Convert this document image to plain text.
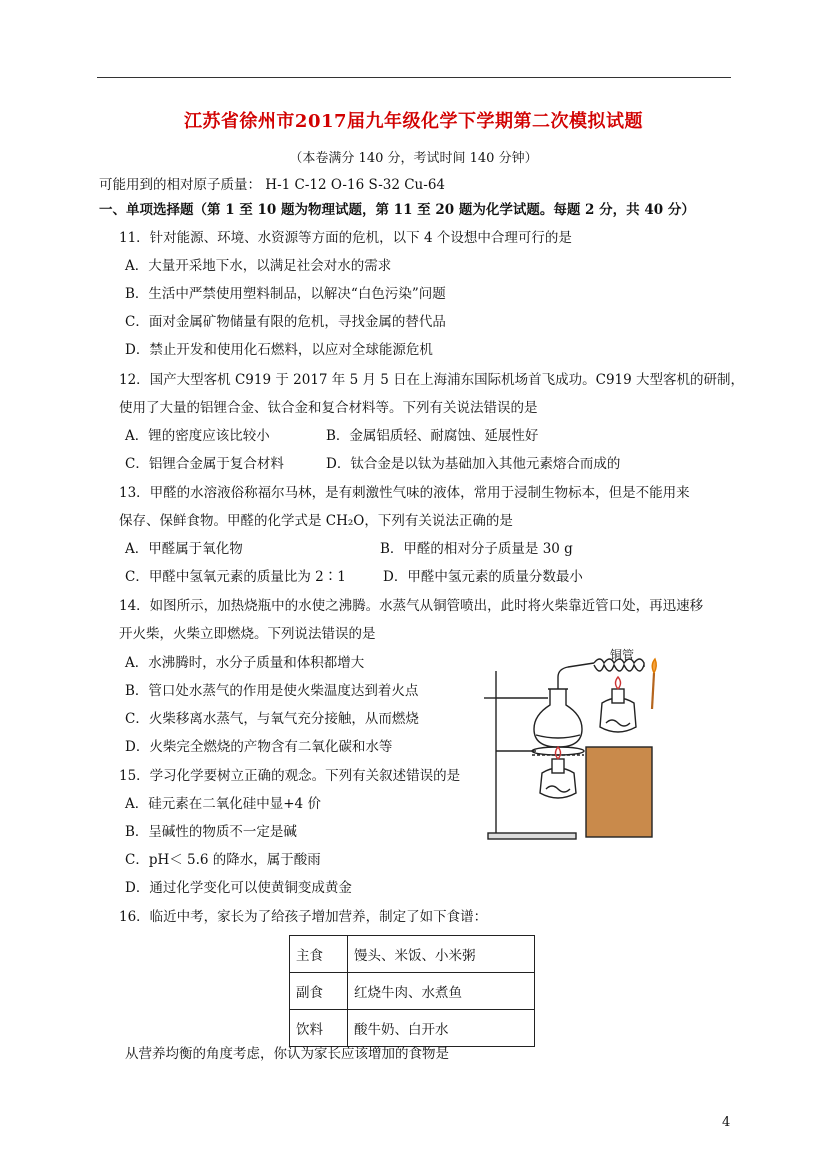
江苏省徐州市2017届九年级化学下学期第二次模拟试题
（本卷满分 140 分，考试时间 140 分钟）
可能用到的相对原子质量： H-1 C-12 O-16 S-32 Cu-64
一、单项选择题（第 1 至 10 题为物理试题，第 11 至 20 题为化学试题。每题 2 分，共 40 分）
11．针对能源、环境、水资源等方面的危机，以下 4 个设想中合理可行的是
A．大量开采地下水，以满足社会对水的需求
B．生活中严禁使用塑料制品，以解决“白色污染”问题
C．面对金属矿物储量有限的危机，寻找金属的替代品
D．禁止开发和使用化石燃料，以应对全球能源危机
12．国产大型客机 C919 于 2017 年 5 月 5 日在上海浦东国际机场首飞成功。C919 大型客机的研制，
使用了大量的铝锂合金、钛合金和复合材料等。下列有关说法错误的是
A．锂的密度应该比较小	B．金属铝质轻、耐腐蚀、延展性好
C．铝锂合金属于复合材料	D．钛合金是以钛为基础加入其他元素熔合而成的
13．甲醛的水溶液俗称福尔马林，是有刺激性气味的液体，常用于浸制生物标本，但是不能用来
保存、保鲜食物。甲醛的化学式是 CH₂O，下列有关说法正确的是
A．甲醛属于氧化物	B．甲醛的相对分子质量是 30 g
C．甲醛中氢氧元素的质量比为 2∶1	D．甲醛中氢元素的质量分数最小
14．如图所示，加热烧瓶中的水使之沸腾。水蒸气从铜管喷出，此时将火柴靠近管口处，再迅速移
开火柴，火柴立即燃烧。下列说法错误的是
A．水沸腾时，水分子质量和体积都增大
B．管口处水蒸气的作用是使火柴温度达到着火点
C．火柴移离水蒸气，与氧气充分接触，从而燃烧
D．火柴完全燃烧的产物含有二氧化碳和水等
铜管
15．学习化学要树立正确的观念。下列有关叙述错误的是
A．硅元素在二氧化硅中显+4 价
B．呈碱性的物质不一定是碱
C．pH＜ 5.6 的降水，属于酸雨
D．通过化学变化可以使黄铜变成黄金
16．临近中考，家长为了给孩子增加营养，制定了如下食谱：
主食	馒头、米饭、小米粥
副食	红烧牛肉、水煮鱼
饮料	酸牛奶、白开水
从营养均衡的角度考虑，你认为家长应该增加的食物是
4
